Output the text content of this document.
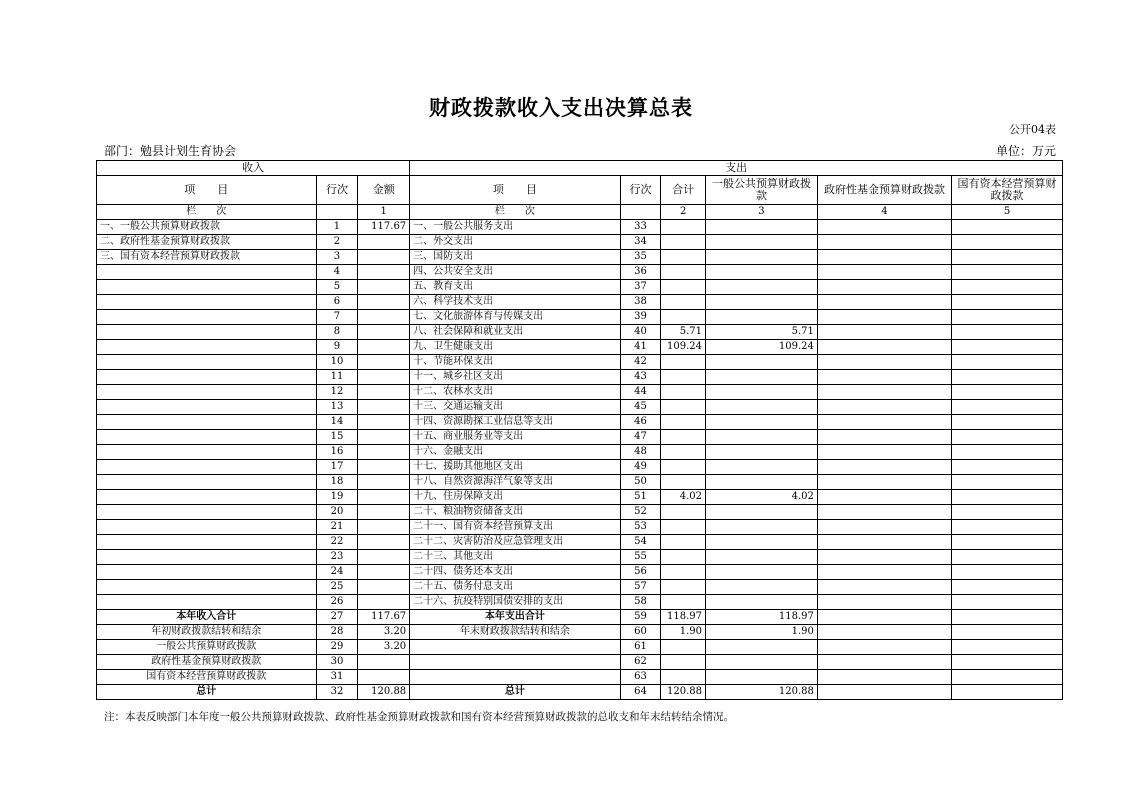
财政拨款收入支出决算总表
公开04表
部门：勉县计划生育协会	单位：万元
收入			支出					
项　　目	行次	金额	项　　目	行次	合计	一般公共预算财政拨款	政府性基金预算财政拨款	国有资本经营预算财政拨款
栏　　次		1	栏　　次		2	3	4	5
一、一般公共预算财政拨款	1	117.67	一、一般公共服务支出	33				
二、政府性基金预算财政拨款	2		二、外交支出	34				
三、国有资本经营预算财政拨款	3		三、国防支出	35				
	4		四、公共安全支出	36				
	5		五、教育支出	37				
	6		六、科学技术支出	38				
	7		七、文化旅游体育与传媒支出	39				
	8		八、社会保障和就业支出	40	5.71	5.71		
	9		九、卫生健康支出	41	109.24	109.24		
	10		十、节能环保支出	42				
	11		十一、城乡社区支出	43				
	12		十二、农林水支出	44				
	13		十三、交通运输支出	45				
	14		十四、资源勘探工业信息等支出	46				
	15		十五、商业服务业等支出	47				
	16		十六、金融支出	48				
	17		十七、援助其他地区支出	49				
	18		十八、自然资源海洋气象等支出	50				
	19		十九、住房保障支出	51	4.02	4.02		
	20		二十、粮油物资储备支出	52				
	21		二十一、国有资本经营预算支出	53				
	22		二十二、灾害防治及应急管理支出	54				
	23		二十三、其他支出	55				
	24		二十四、债务还本支出	56				
	25		二十五、债务付息支出	57				
	26		二十六、抗疫特别国债安排的支出	58				
本年收入合计	27	117.67	本年支出合计	59	118.97	118.97		
年初财政拨款结转和结余	28	3.20	年末财政拨款结转和结余	60	1.90	1.90		
一般公共预算财政拨款	29	3.20		61				
政府性基金预算财政拨款	30			62				
国有资本经营预算财政拨款	31			63				
总计	32	120.88	总计	64	120.88	120.88		
注：本表反映部门本年度一般公共预算财政拨款、政府性基金预算财政拨款和国有资本经营预算财政拨款的总收支和年末结转结余情况。
